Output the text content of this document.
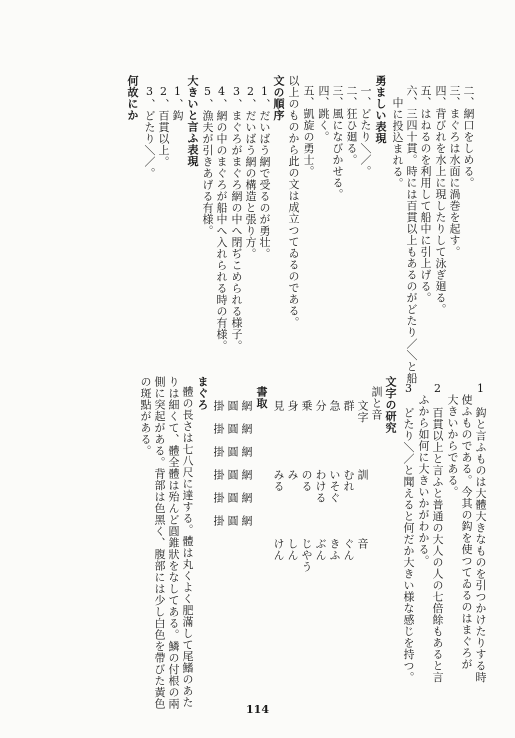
二、網口をしめる。
三、まぐろは水面に渦巻を起す。
四、背びれを水上に現したりして泳ぎ廻る。
五、はねるのを利用して船中に引上げる。
六、三四十貫。時には百貫以上もあるのがどたり／＼と船
中に投込まれる。
勇ましい表現
一、どたり＼／。
二、狂ひ廻る。
三、風になびかせる。
四、跳く。
五、凱旋の勇士。
以上のものから此の文は成立つてゐるのである。
文の順序
1、だいばう網で受るのが勇壮。
2、だいばう網の構造と張り方。
3、まぐろがまぐろ網の中へ閉ぢこめられる様子。
4、網の中のまぐろが船中へ入れられる時の有様。
5、漁夫が引きあげる有様。
大きいと言ふ表現
1、鈎
2、百貫以上。
3、どたり＼／。
何故にか
1　鈎と言ふものは大體大きなものを引つかけたりする時
使ふものである。今其の鈎を使つてゐるのはまぐろが
大きいからである。
2　百貫以上と言ふと普通の大人の人の七倍餘もあると言
ふから如何に大きいかがわかる。
3　どたり＼／と聞えると何だか大きい様な感じを持つ。
文字の研究
訓と音
文字　　　　訓　　　　　音
群　　　　　むれ　　　　ぐん
急　　　　　いそぐ　　　きふ
分　　　　　わける　　　ぶん
乗　　　　　のる　　　　じやう
身　　　　　み　　　　　しん
見　　　　　みる　　　　けん
書取
網　網　網　網　網　網
圓　圓　圓　圓　圓　圓
掛　掛　掛　掛　掛　掛
まぐろ
體の長さは七八尺に達する。體は丸くよく肥滿して尾鰭のあた
りは細くて、體全體は殆んど圓錐狀をなしてある。鱗の付根の兩
側に突起がある。背部は色黑く、腹部には少し白色を帶びた黃色
の斑點がある。
114
